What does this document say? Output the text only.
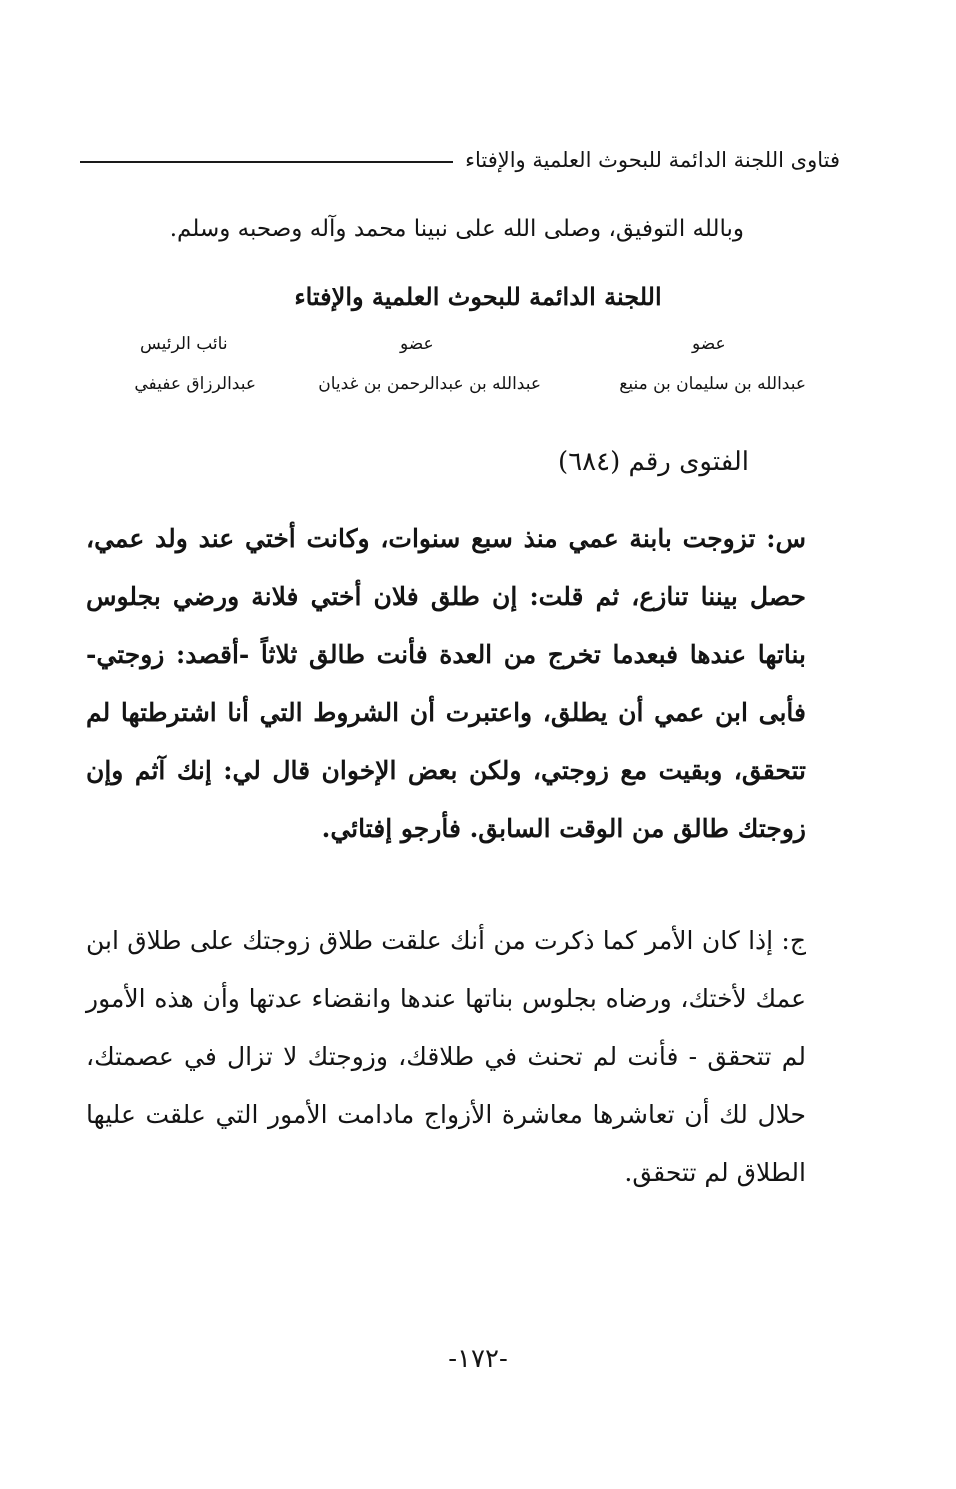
فتاوى اللجنة الدائمة للبحوث العلمية والإفتاء
وبالله التوفيق، وصلى الله على نبينا محمد وآله وصحبه وسلم.
اللجنة الدائمة للبحوث العلمية والإفتاء
عضو
عضو
نائب الرئيس
عبدالله بن سليمان بن منيع
عبدالله بن عبدالرحمن بن غديان
عبدالرزاق عفيفي
الفتوى رقم (٦٨٤)
س: تزوجت بابنة عمي منذ سبع سنوات، وكانت أختي عند ولد عمي، حصل بيننا تنازع، ثم قلت: إن طلق فلان أختي فلانة ورضي بجلوس بناتها عندها فبعدما تخرج من العدة فأنت طالق ثلاثاً -أقصد: زوجتي- فأبى ابن عمي أن يطلق، واعتبرت أن الشروط التي أنا اشترطتها لم تتحقق، وبقيت مع زوجتي، ولكن بعض الإخوان قال لي: إنك آثم وإن زوجتك طالق من الوقت السابق. فأرجو إفتائي.
ج: إذا كان الأمر كما ذكرت من أنك علقت طلاق زوجتك على طلاق ابن عمك لأختك، ورضاه بجلوس بناتها عندها وانقضاء عدتها وأن هذه الأمور لم تتحقق - فأنت لم تحنث في طلاقك، وزوجتك لا تزال في عصمتك، حلال لك أن تعاشرها معاشرة الأزواج مادامت الأمور التي علقت عليها الطلاق لم تتحقق.
-١٧٢-
